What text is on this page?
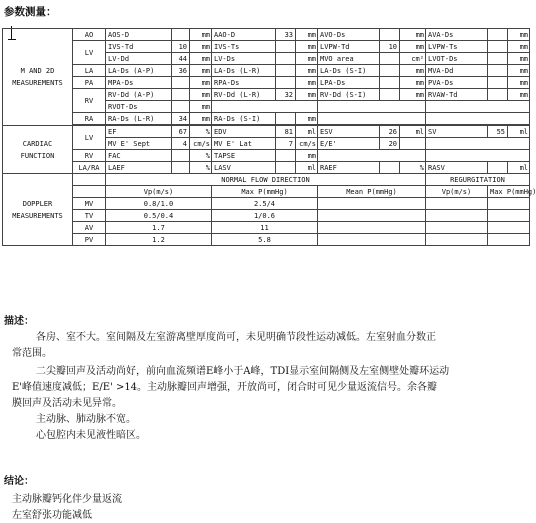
参数测量：
M AND 2D MEASUREMENTS	AO	AOS-D		mm	AAO-D	33	mm	AVO-Ds		mm	AVA-Ds		mm
	LV	IVS-Td	10	mm	IVS-Ts		mm	LVPW-Td	10	mm	LVPW-Ts		mm
		LV-Dd	44	mm	LV-Ds		mm	MVO area		cm²	LVOT-Ds		mm
	LA	LA-Ds (A-P)	36	mm	LA-Ds (L-R)		mm	LA-Ds (S-I)		mm	MVA-Dd		mm
	PA	MPA-Ds		mm	RPA-Ds		mm	LPA-Ds		mm	PVA-Ds		mm
	RV	RV-Dd (A-P)		mm	RV-Dd (L-R)	32	mm	RV-Dd (S-I)		mm	RVAW-Td		mm
		RVOT-Ds		mm									
	RA	RA-Ds (L-R)	34	mm	RA-Ds (S-I)		mm						

CARDIAC FUNCTION	LV	EF	67	%	EDV	81	ml	ESV	26	ml	SV	55	ml
		MV E' Sept	4	cm/s	MV E' Lat	7	cm/s	E/E'	20				
	RV	FAC		%	TAPSE		mm						
	LA/RA	LAEF		%	LASV		ml	RAEF		%	RASV		ml
DOPPLER MEASUREMENTS		NORMAL FLOW DIRECTION									REGURGITATION		
		Vp(m/s)			Max P(mmHg)			Mean P(mmHg)			Vp(m/s)	Max P(mmHg)	
	MV	0.8/1.0			2.5/4								
	TV	0.5/0.4			1/0.6								
	AV	1.7			11								
	PV	1.2			5.8								
描述：
各房、室不大。室间隔及左室游离壁厚度尚可，未见明确节段性运动减低。左室射血分数正
常范围。
二尖瓣回声及活动尚好，前向血流频谱E峰小于A峰，TDI显示室间隔侧及左室侧壁处瓣环运动
E'峰值速度减低；E/E' >14。主动脉瓣回声增强，开放尚可，闭合时可见少量返流信号。余各瓣
膜回声及活动未见异常。
主动脉、肺动脉不宽。
心包腔内未见液性暗区。
结论：
主动脉瓣钙化伴少量返流
左室舒张功能减低
